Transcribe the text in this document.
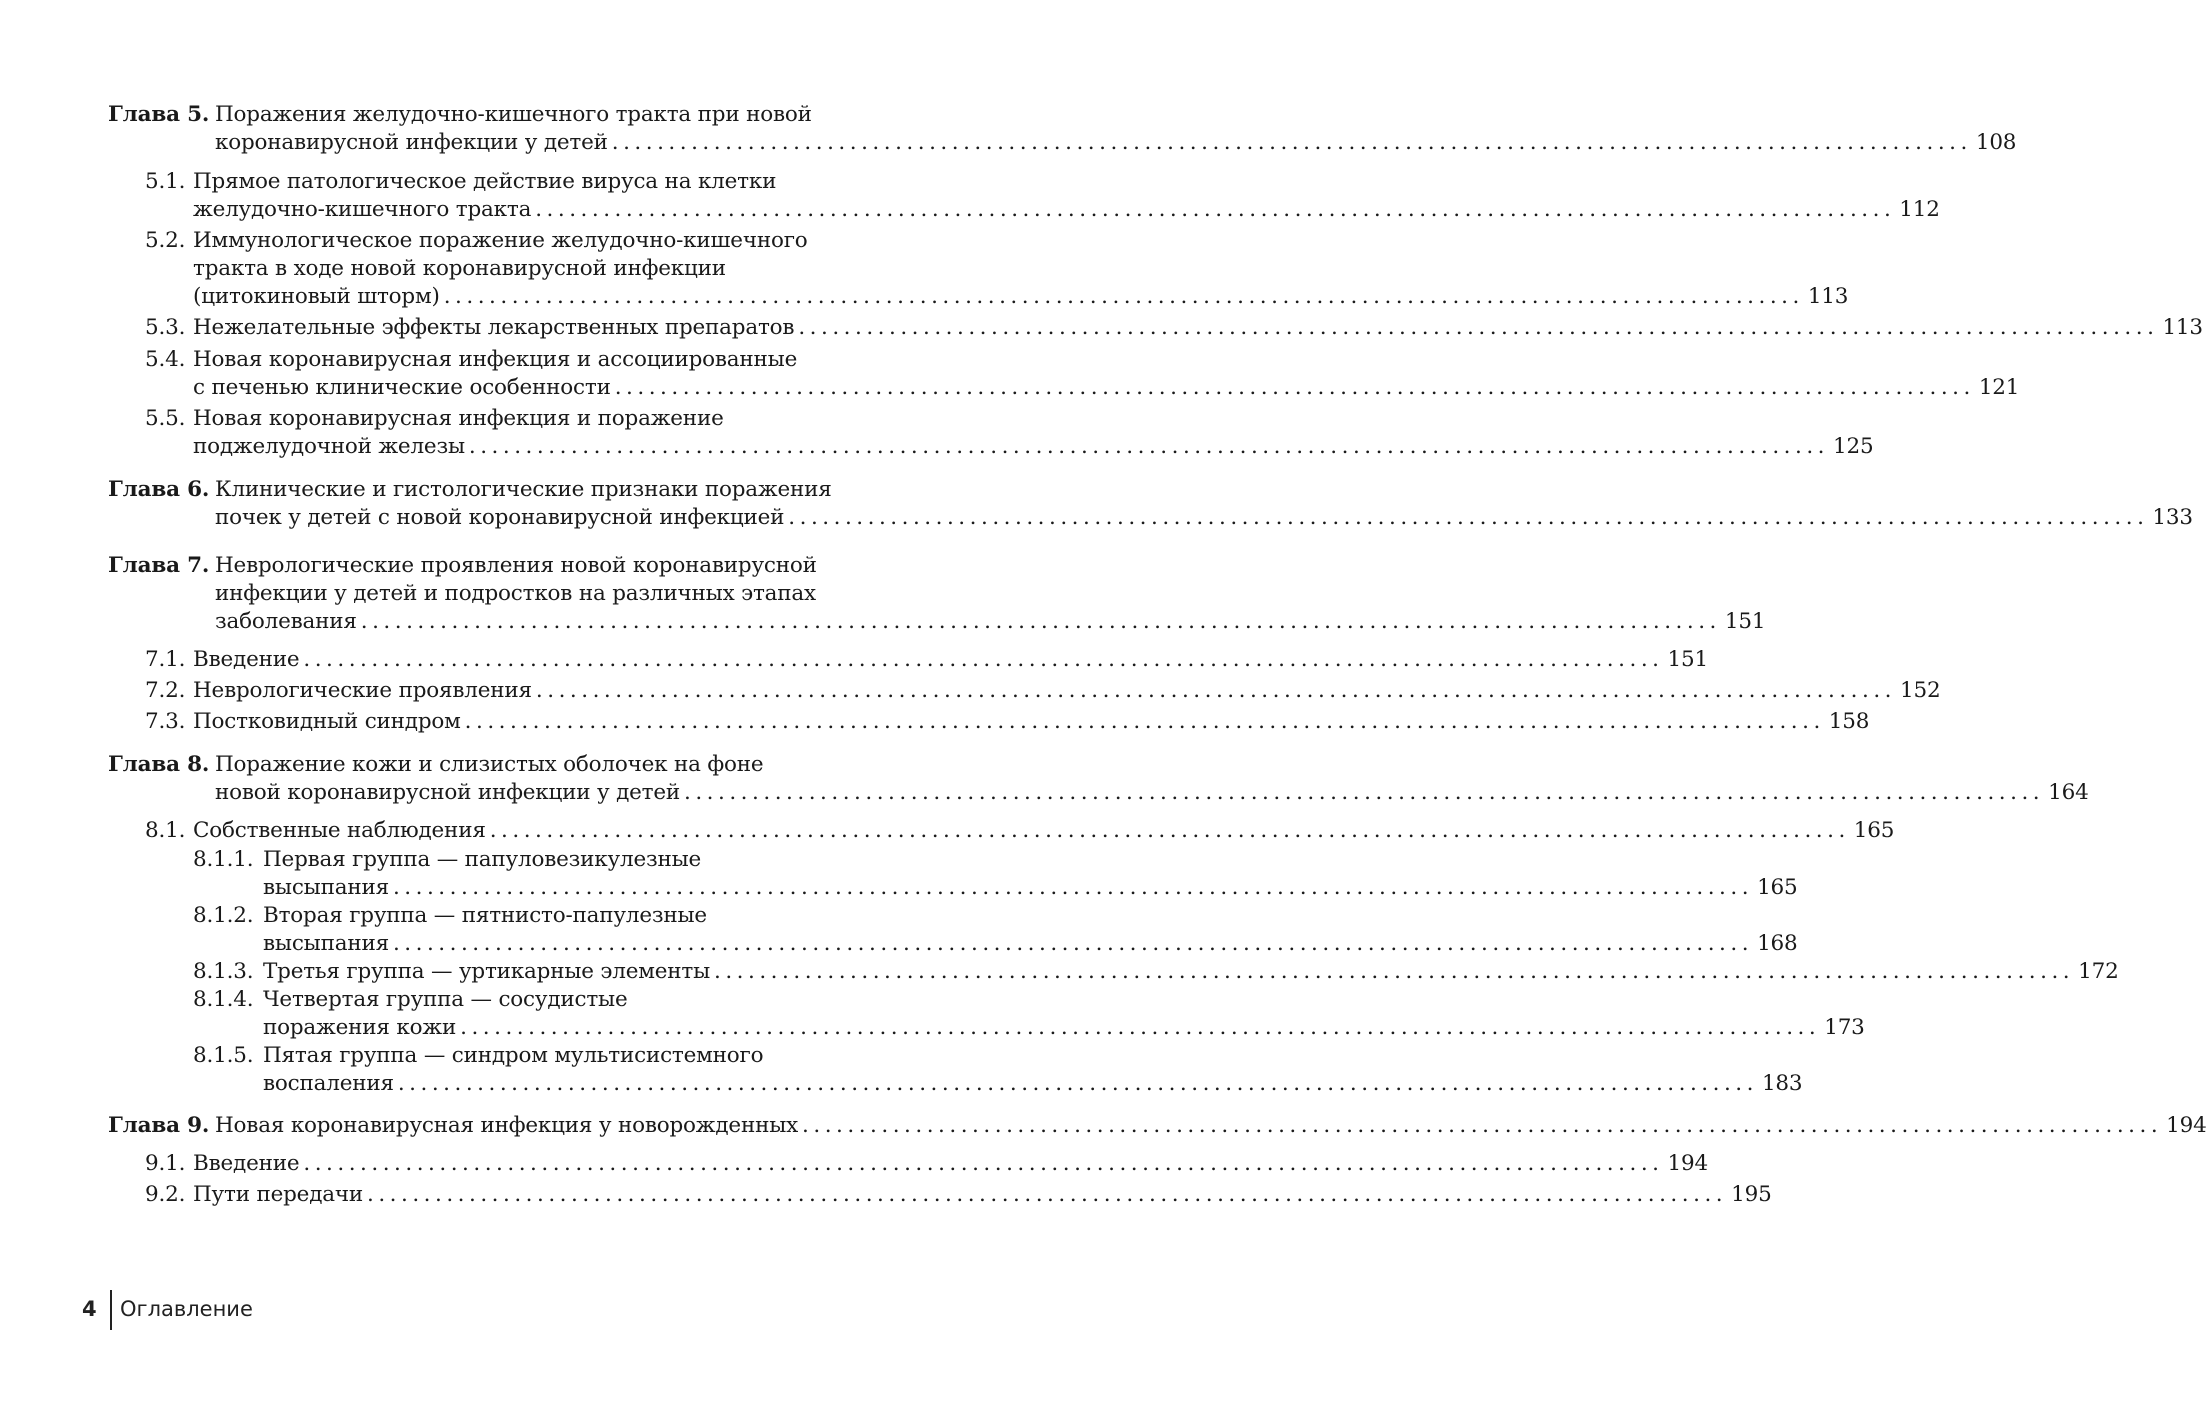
Глава 5. Поражения желудочно-кишечного тракта при новой
коронавирусной инфекции у детей ........................................................................................................................ 108
5.1. Прямое патологическое действие вируса на клетки
желудочно-кишечного тракта ........................................................................................................................ 112
5.2. Иммунологическое поражение желудочно-кишечного
тракта в ходе новой коронавирусной инфекции
(цитокиновый шторм) ........................................................................................................................ 113
5.3. Нежелательные эффекты лекарственных препаратов ........................................................................................................................ 113
5.4. Новая коронавирусная инфекция и ассоциированные
с печенью клинические особенности ........................................................................................................................ 121
5.5. Новая коронавирусная инфекция и поражение
поджелудочной железы ........................................................................................................................ 125
Глава 6. Клинические и гистологические признаки поражения
почек у детей с новой коронавирусной инфекцией ........................................................................................................................ 133
Глава 7. Неврологические проявления новой коронавирусной
инфекции у детей и подростков на различных этапах
заболевания ........................................................................................................................ 151
7.1. Введение ........................................................................................................................ 151
7.2. Неврологические проявления ........................................................................................................................ 152
7.3. Постковидный синдром ........................................................................................................................ 158
Глава 8. Поражение кожи и слизистых оболочек на фоне
новой коронавирусной инфекции у детей ........................................................................................................................ 164
8.1. Собственные наблюдения ........................................................................................................................ 165
8.1.1. Первая группа — папуловезикулезные
высыпания ........................................................................................................................ 165
8.1.2. Вторая группа — пятнисто-папулезные
высыпания ........................................................................................................................ 168
8.1.3. Третья группа — уртикарные элементы ........................................................................................................................ 172
8.1.4. Четвертая группа — сосудистые
поражения кожи ........................................................................................................................ 173
8.1.5. Пятая группа — синдром мультисистемного
воспаления ........................................................................................................................ 183
Глава 9. Новая коронавирусная инфекция у новорожденных ........................................................................................................................ 194
9.1. Введение ........................................................................................................................ 194
9.2. Пути передачи ........................................................................................................................ 195
4 Оглавление
